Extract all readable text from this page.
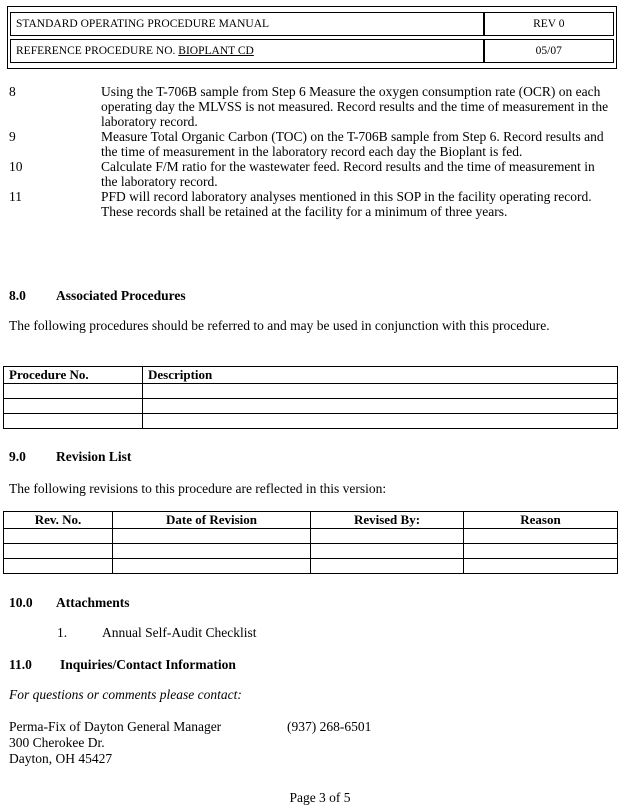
STANDARD OPERATING PROCEDURE MANUAL	REV 0
REFERENCE PROCEDURE NO. BIOPLANT CD	05/07
8	Using the T-706B sample from Step 6 Measure the oxygen consumption rate (OCR) on each operating day the MLVSS is not measured. Record results and the time of measurement in the laboratory record.
9	Measure Total Organic Carbon (TOC) on the T-706B sample from Step 6. Record results and the time of measurement in the laboratory record each day the Bioplant is fed.
10	Calculate F/M ratio for the wastewater feed. Record results and the time of measurement in the laboratory record.
11	PFD will record laboratory analyses mentioned in this SOP in the facility operating record. These records shall be retained at the facility for a minimum of three years.
8.0 Associated Procedures
The following procedures should be referred to and may be used in conjunction with this procedure.
Procedure No.	Description

9.0 Revision List
The following revisions to this procedure are reflected in this version:
Rev. No.	Date of Revision	Revised By:	Reason

10.0 Attachments
1.	Annual Self-Audit Checklist
11.0 Inquiries/Contact Information
For questions or comments please contact:
Perma-Fix of Dayton General Manager	(937) 268-6501
300 Cherokee Dr.
Dayton, OH 45427
Page 3 of 5
